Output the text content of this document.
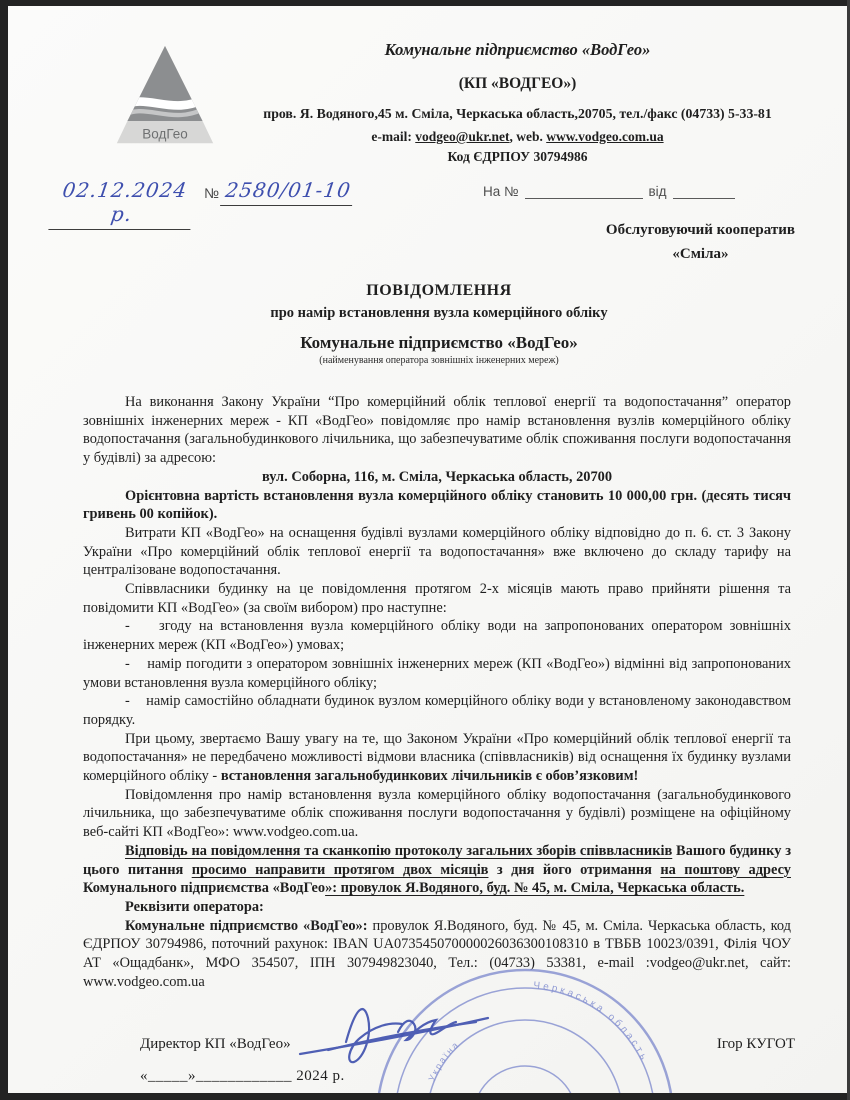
ВодГео
Комунальне підприємство «ВодГео»
(КП «ВОДГЕО»)
пров. Я. Водяного,45 м. Сміла, Черкаська область,20705, тел./факс (04733) 5-33-81
e-mail: vodgeo@ukr.net, web. www.vodgeo.com.ua
Код ЄДРПОУ 30794986
02.12.2024 р.
№ 2580/01-10	На №	від
Обслуговуючий кооператив
«Сміла»
ПОВІДОМЛЕННЯ
про намір встановлення вузла комерційного обліку
Комунальне підприємство «ВодГео»
(найменування оператора зовнішніх інженерних мереж)

На виконання Закону України “Про комерційний облік теплової енергії та водопостачання” оператор зовнішніх інженерних мереж - КП «ВодГео» повідомляє про намір встановлення вузлів комерційного обліку водопостачання (загальнобудинкового лічильника, що забезпечуватиме облік споживання послуги водопостачання у будівлі) за адресою:

вул. Соборна, 116, м. Сміла, Черкаська область, 20700

Орієнтовна вартість встановлення вузла комерційного обліку становить 10 000,00 грн. (десять тисяч гривень 00 копійок).

Витрати КП «ВодГео» на оснащення будівлі вузлами комерційного обліку відповідно до п. 6. ст. 3 Закону України «Про комерційний облік теплової енергії та водопостачання» вже включено до складу тарифу на централізоване водопостачання.

Співвласники будинку на це повідомлення протягом 2-х місяців мають право прийняти рішення та повідомити КП «ВодГео» (за своїм вибором) про наступне:

-    згоду на встановлення вузла комерційного обліку води на запропонованих оператором зовнішніх інженерних мереж (КП «ВодГео») умовах;

-    намір погодити з оператором зовнішніх інженерних мереж (КП «ВодГео») відмінні від запропонованих умови встановлення вузла комерційного обліку;

-    намір самостійно обладнати будинок вузлом комерційного обліку води у встановленому законодавством порядку.

При цьому, звертаємо Вашу увагу на те, що Законом України «Про комерційний облік теплової енергії та водопостачання» не передбачено можливості відмови власника (співвласників) від оснащення їх будинку вузлами комерційного обліку - встановлення загальнобудинкових лічильників є обов’язковим!

Повідомлення про намір встановлення вузла комерційного обліку водопостачання (загальнобудинкового лічильника, що забезпечуватиме облік споживання послуги водопостачання у будівлі) розміщене на офіційному веб-сайті КП «ВодГео»: www.vodgeo.com.ua.

Відповідь на повідомлення та сканкопію протоколу загальних зборів співвласників Вашого будинку з цього питання просимо направити протягом двох місяців з дня його отримання на поштову адресу Комунального підприємства «ВодГео»: провулок Я.Водяного, буд. № 45, м. Сміла, Черкаська область.

Реквізити оператора:

Комунальне підприємство «ВодГео»: провулок Я.Водяного, буд. № 45, м. Сміла. Черкаська область, код ЄДРПОУ 30794986, поточний рахунок: IBAN UA073545070000026036300108310 в ТВБВ 10023/0391, Філія ЧОУ АТ «Ощадбанк», МФО 354507, ІПН 307949823040, Тел.: (04733) 53381, e-mail :vodgeo@ukr.net, сайт: www.vodgeo.com.ua

Директор КП «ВодГео»	Ігор КУГОТ
«_____»____________ 2024 р.
Черкаська область
Україна
